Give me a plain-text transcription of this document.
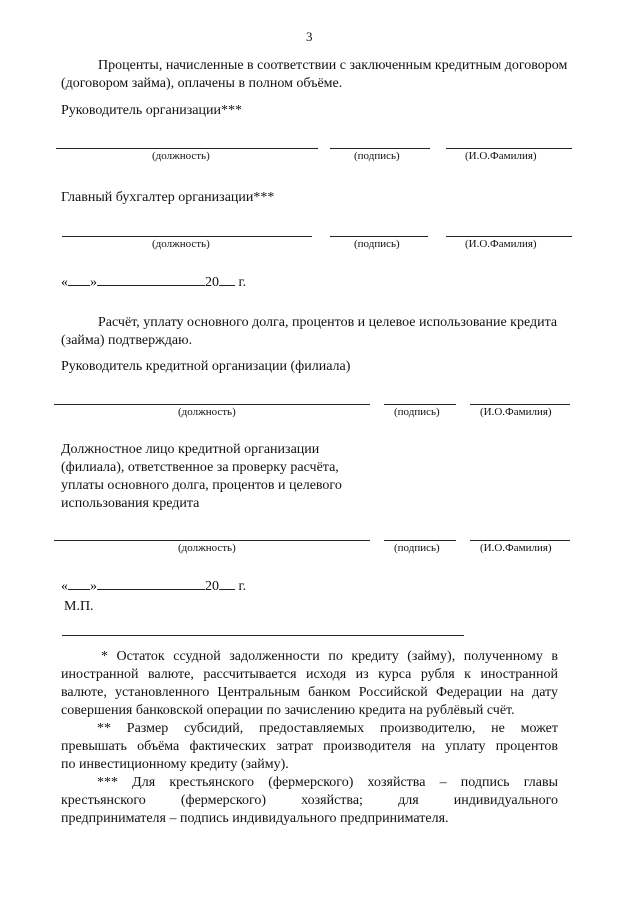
3
Проценты, начисленные в соответствии с заключенным кредитным договором
(договором займа), оплачены в полном объёме.
Руководитель организации***
(должность)	(подпись)	(И.О.Фамилия)
Главный бухгалтер организации***
(должность)	(подпись)	(И.О.Фамилия)
« »	20 г.
Расчёт, уплату основного долга, процентов и целевое использование кредита
(займа) подтверждаю.
Руководитель кредитной организации (филиала)
(должность)	(подпись)	(И.О.Фамилия)
Должностное лицо кредитной организации
(филиала), ответственное за проверку расчёта,
уплаты основного долга, процентов и целевого
использования кредита
(должность)	(подпись)	(И.О.Фамилия)
« »	20 г.
М.П.
* Остаток ссудной задолженности по кредиту (займу), полученному в
иностранной валюте, рассчитывается исходя из курса рубля к иностранной
валюте, установленного Центральным банком Российской Федерации на дату
совершения банковской операции по зачислению кредита на рублёвый счёт.
** Размер субсидий, предоставляемых производителю, не может
превышать объёма фактических затрат производителя на уплату процентов
по инвестиционному кредиту (займу).
*** Для крестьянского (фермерского) хозяйства – подпись главы
крестьянского (фермерского) хозяйства; для индивидуального
предпринимателя – подпись индивидуального предпринимателя.
